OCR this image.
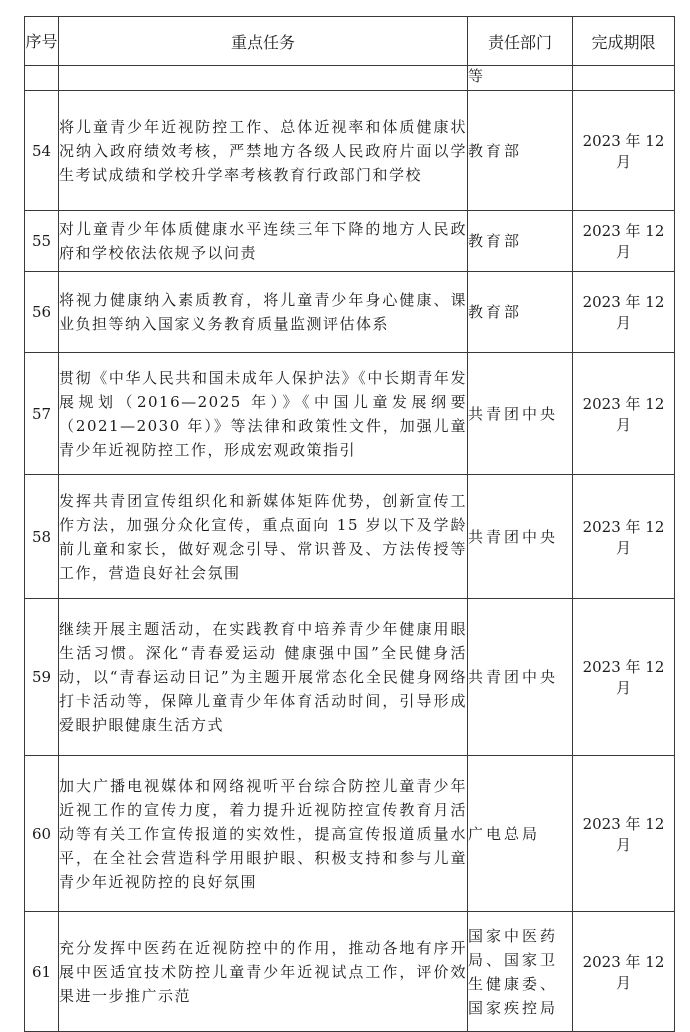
序号	重点任务	责任部门	完成期限
		等	
54	将儿童青少年近视防控工作、总体近视率和体质健康状况纳入政府绩效考核，严禁地方各级人民政府片面以学生考试成绩和学校升学率考核教育行政部门和学校	教育部	2023 年 12 月
55	对儿童青少年体质健康水平连续三年下降的地方人民政府和学校依法依规予以问责	教育部	2023 年 12 月
56	将视力健康纳入素质教育，将儿童青少年身心健康、课业负担等纳入国家义务教育质量监测评估体系	教育部	2023 年 12 月
57	贯彻《中华人民共和国未成年人保护法》《中长期青年发展规划（2016—2025 年）》《中国儿童发展纲要（2021—2030 年）》等法律和政策性文件，加强儿童青少年近视防控工作，形成宏观政策指引	共青团中央	2023 年 12 月
58	发挥共青团宣传组织化和新媒体矩阵优势，创新宣传工作方法，加强分众化宣传，重点面向 15 岁以下及学龄前儿童和家长，做好观念引导、常识普及、方法传授等工作，营造良好社会氛围	共青团中央	2023 年 12 月
59	继续开展主题活动，在实践教育中培养青少年健康用眼生活习惯。深化“青春爱运动 健康强中国”全民健身活动，以“青春运动日记”为主题开展常态化全民健身网络打卡活动等，保障儿童青少年体育活动时间，引导形成爱眼护眼健康生活方式	共青团中央	2023 年 12 月
60	加大广播电视媒体和网络视听平台综合防控儿童青少年近视工作的宣传力度，着力提升近视防控宣传教育月活动等有关工作宣传报道的实效性，提高宣传报道质量水平，在全社会营造科学用眼护眼、积极支持和参与儿童青少年近视防控的良好氛围	广电总局	2023 年 12 月
61	充分发挥中医药在近视防控中的作用，推动各地有序开展中医适宜技术防控儿童青少年近视试点工作，评价效果进一步推广示范	国家中医药局、国家卫生健康委、国家疾控局	2023 年 12 月
